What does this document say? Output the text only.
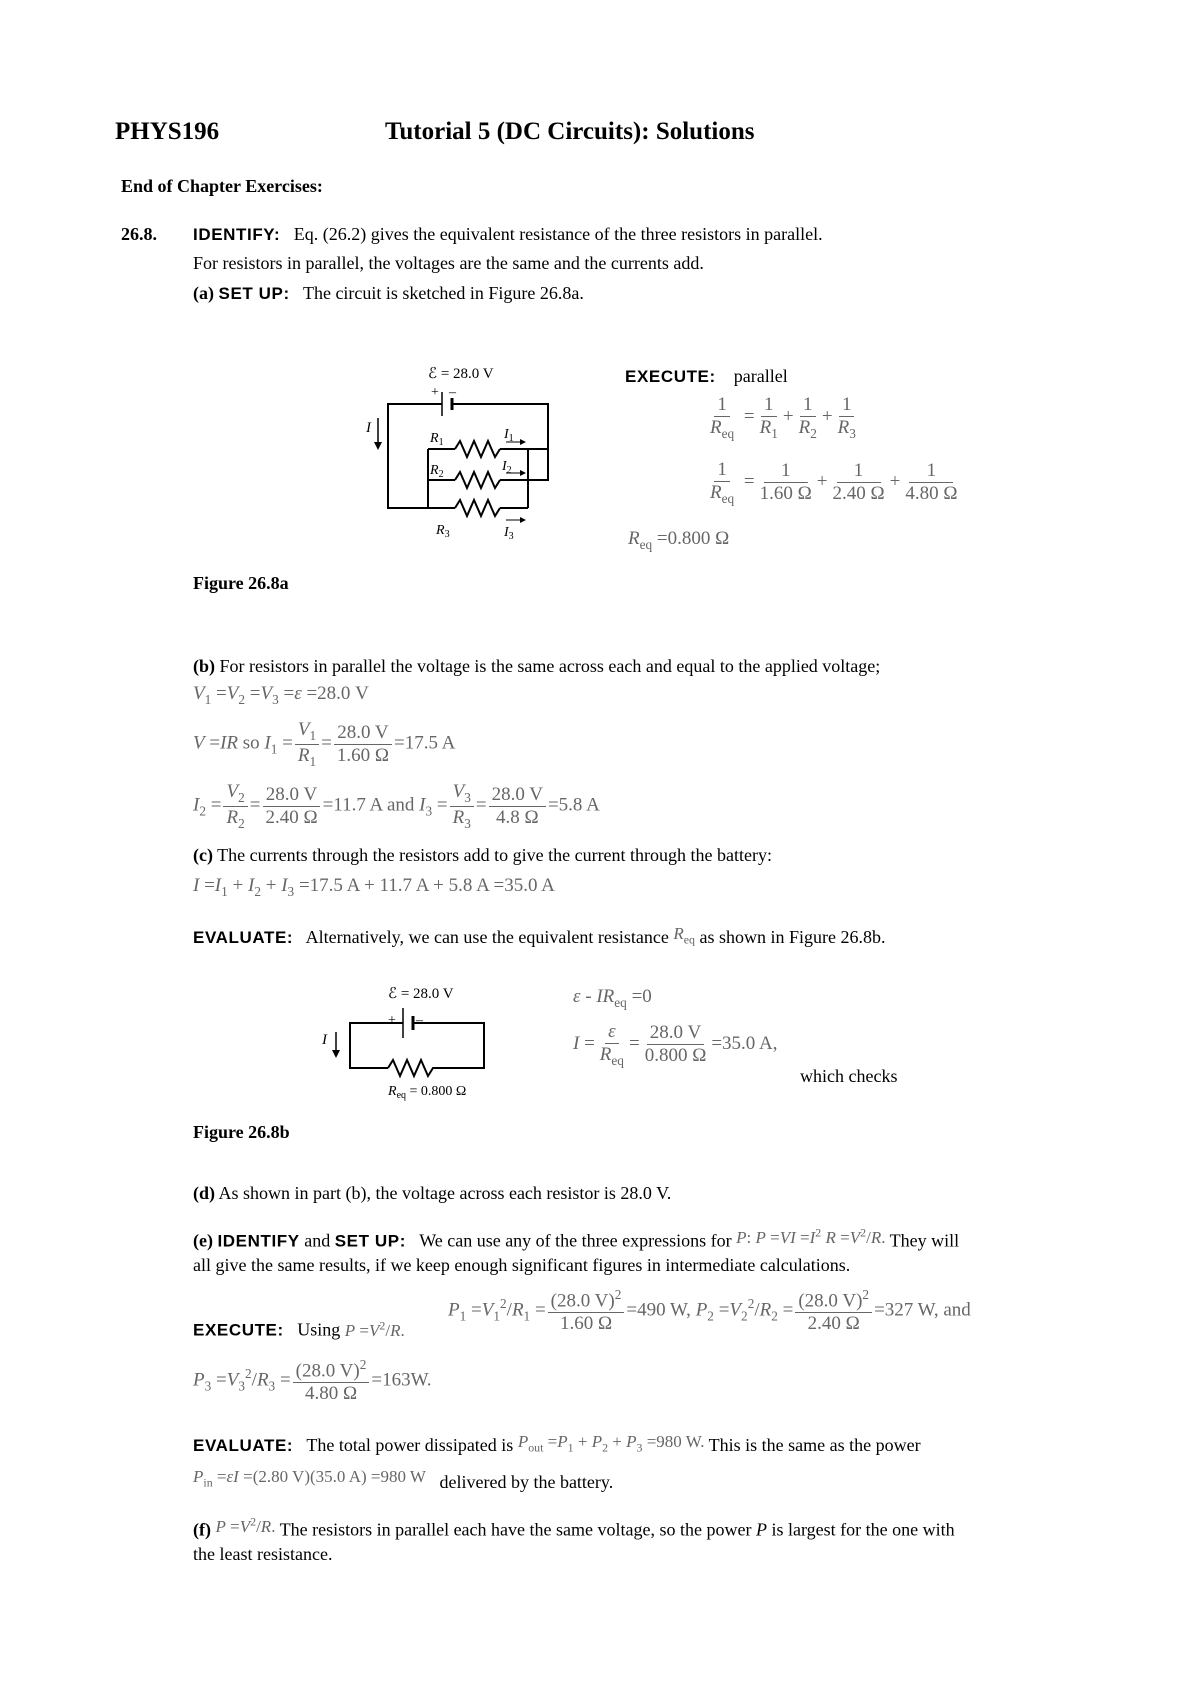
PHYS196	Tutorial 5 (DC Circuits): Solutions
End of Chapter Exercises:
26.8. IDENTIFY: Eq. (26.2) gives the equivalent resistance of the three resistors in parallel.
For resistors in parallel, the voltages are the same and the currents add.
(a) SET UP: The circuit is sketched in Figure 26.8a.
ℰ = 28.0 V
+ –
I
$R_1$
$R_2$
$R_3$
$I_1$
$I_2$
$I_3$
EXECUTE: parallel
$\frac{1}{R_{eq}} = \frac{1}{R_1} + \frac{1}{R_2} + \frac{1}{R_3}$
$\frac{1}{R_{eq}} = \frac{1}{1.60 \Omega} + \frac{1}{2.40 \Omega} + \frac{1}{4.80 \Omega}$
$R_{eq} =0.800$ Ω
Figure 26.8a
(b) For resistors in parallel the voltage is the same across each and equal to the applied voltage;
$V_1 =V_2 =V_3 =\varepsilon =28.0$ V
V =IR so $I_1 = \frac{V_1}{R_1} = \frac{28.0 V}{1.60 \Omega} =17.5$ A
$I_2 = \frac{V_2}{R_2} = \frac{28.0 V}{2.40 \Omega} =11.7$ A and $I_3 = \frac{V_3}{R_3} = \frac{28.0 V}{4.8 \Omega} =5.8$ A
(c) The currents through the resistors add to give the current through the battery:
$I =I_1 + I_2 + I_3 =17.5$ A + 11.7 A + 5.8 A =35.0 A
EVALUATE: Alternatively, we can use the equivalent resistance $R_{eq}$ as shown in Figure 26.8b.
ℰ = 28.0 V
+ –
I
$R_{eq} = 0.800$ Ω
$\varepsilon - IR_{eq} =0$
$I = \frac{\varepsilon}{R_{eq}} = \frac{28.0 V}{0.800 \Omega} =35.0$ A,
which checks
Figure 26.8b
(d) As shown in part (b), the voltage across each resistor is 28.0 V.
(e) IDENTIFY and SET UP: We can use any of the three expressions for P: $P =VI =I^2$ $R =V^2/R$. They will
all give the same results, if we keep enough significant figures in intermediate calculations.
EXECUTE: Using $P =V^2/R$.
$P_1 =V_1^2/R_1 = \frac{(28.0 V)^2}{1.60 \Omega} =490$ W, $P_2 =V_2^2/R_2 = \frac{(28.0 V)^2}{2.40 \Omega} =327$ W, and
$P_3 =V_3^2/R_3 = \frac{(28.0 V)^2}{4.80 \Omega} =163W$.
EVALUATE: The total power dissipated is $P_{out} =P_1 + P_2 + P_3 =980$ W. This is the same as the power
$P_{in} =\varepsilon I =(2.80$ V)(35.0 A) =980 W delivered by the battery.
(f) $P =V^2/R$. The resistors in parallel each have the same voltage, so the power P is largest for the one with
the least resistance.
